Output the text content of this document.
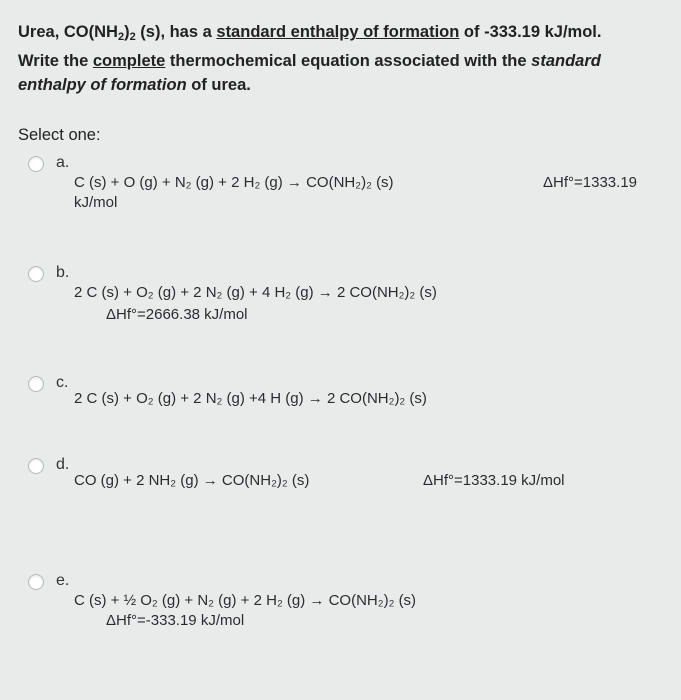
Urea, $CO(NH_2)_2$ (s), has a standard enthalpy of formation of -333.19 kJ/mol.
Write the complete thermochemical equation associated with the standard
enthalpy of formation of urea.
Select one:
a.
C (s) + O (g) + N₂ (g) + 2 H₂ (g) → CO(NH₂)₂ (s)	ΔHf°=1333.19
kJ/mol
b.
2 C (s) + O₂ (g) + 2 N₂ (g) + 4 H₂ (g) → 2 CO(NH₂)₂ (s)
ΔHf°=2666.38 kJ/mol
c.
2 C (s) + O₂ (g) + 2 N₂ (g) +4 H (g) → 2 CO(NH₂)₂ (s)
d.
CO (g) + 2 NH₂ (g) → CO(NH₂)₂ (s)	ΔHf°=1333.19 kJ/mol
e.
C (s) + ½ O₂ (g) + N₂ (g) + 2 H₂ (g) → CO(NH₂)₂ (s)
ΔHf°=-333.19 kJ/mol
